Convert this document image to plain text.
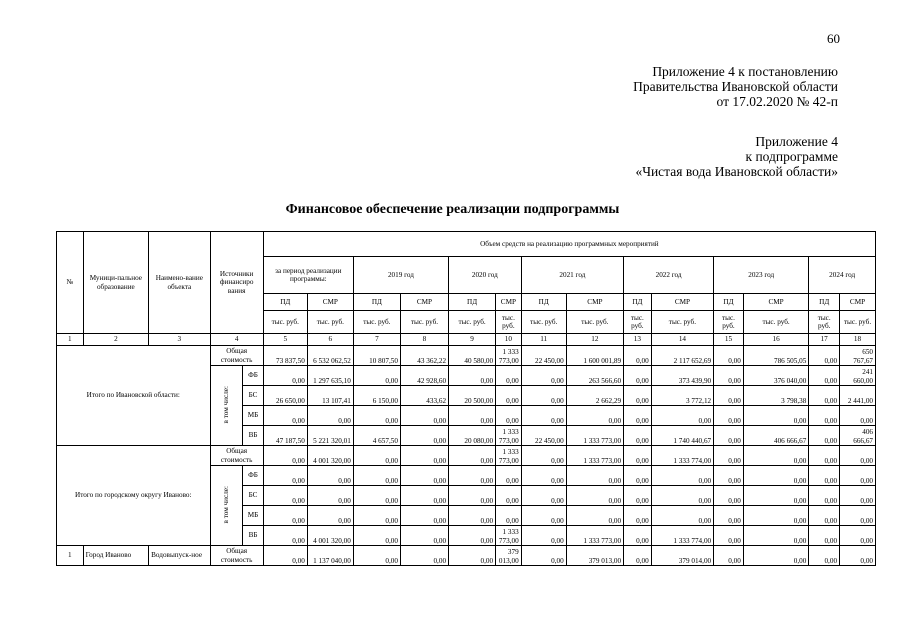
60
Приложение 4 к постановлению
Правительства Ивановской области
от 17.02.2020 № 42-п
Приложение 4
к подпрограмме
«Чистая вода Ивановской области»
Финансовое обеспечение реализации подпрограммы
№	Муници-пальное образование	Наимено-вание объекта	Источники финансиро вания		Объем средств на реализацию программных мероприятий													
					за период реализации программы:		2019 год		2020 год		2021 год		2022 год		2023 год		2024 год	
					ПД	СМР	ПД	СМР	ПД	СМР	ПД	СМР	ПД	СМР	ПД	СМР	ПД	СМР
					тыс. руб.	тыс. руб.	тыс. руб.	тыс. руб.	тыс. руб.	тыс. руб.	тыс. руб.	тыс. руб.	тыс. руб.	тыс. руб.	тыс. руб.	тыс. руб.	тыс. руб.	тыс. руб.
1	2	3	4		5	6	7	8	9	10	11	12	13	14	15	16	17	18
Итого по Ивановской области:			Общая стоимость		73 837,50	6 532 062,52	10 807,50	43 362,22	40 580,00	1 333 773,00	22 450,00	1 600 001,89	0,00	2 117 652,69	0,00	786 505,05	0,00	650 767,67
			в том числе:	ФБ	0,00	1 297 635,10	0,00	42 928,60	0,00	0,00	0,00	263 566,60	0,00	373 439,90	0,00	376 040,00	0,00	241 660,00
				БС	26 650,00	13 107,41	6 150,00	433,62	20 500,00	0,00	0,00	2 662,29	0,00	3 772,12	0,00	3 798,38	0,00	2 441,00
				МБ	0,00	0,00	0,00	0,00	0,00	0,00	0,00	0,00	0,00	0,00	0,00	0,00	0,00	0,00
				ВБ	47 187,50	5 221 320,01	4 657,50	0,00	20 080,00	1 333 773,00	22 450,00	1 333 773,00	0,00	1 740 440,67	0,00	406 666,67	0,00	406 666,67
Итого по городскому округу Иваново:			Общая стоимость		0,00	4 001 320,00	0,00	0,00	0,00	1 333 773,00	0,00	1 333 773,00	0,00	1 333 774,00	0,00	0,00	0,00	0,00
			в том числе:	ФБ	0,00	0,00	0,00	0,00	0,00	0,00	0,00	0,00	0,00	0,00	0,00	0,00	0,00	0,00
				БС	0,00	0,00	0,00	0,00	0,00	0,00	0,00	0,00	0,00	0,00	0,00	0,00	0,00	0,00
				МБ	0,00	0,00	0,00	0,00	0,00	0,00	0,00	0,00	0,00	0,00	0,00	0,00	0,00	0,00
				ВБ	0,00	4 001 320,00	0,00	0,00	0,00	1 333 773,00	0,00	1 333 773,00	0,00	1 333 774,00	0,00	0,00	0,00	0,00
1	Город Иваново	Водовыпуск-ное	Общая стоимость		0,00	1 137 040,00	0,00	0,00	0,00	379 013,00	0,00	379 013,00	0,00	379 014,00	0,00	0,00	0,00	0,00
